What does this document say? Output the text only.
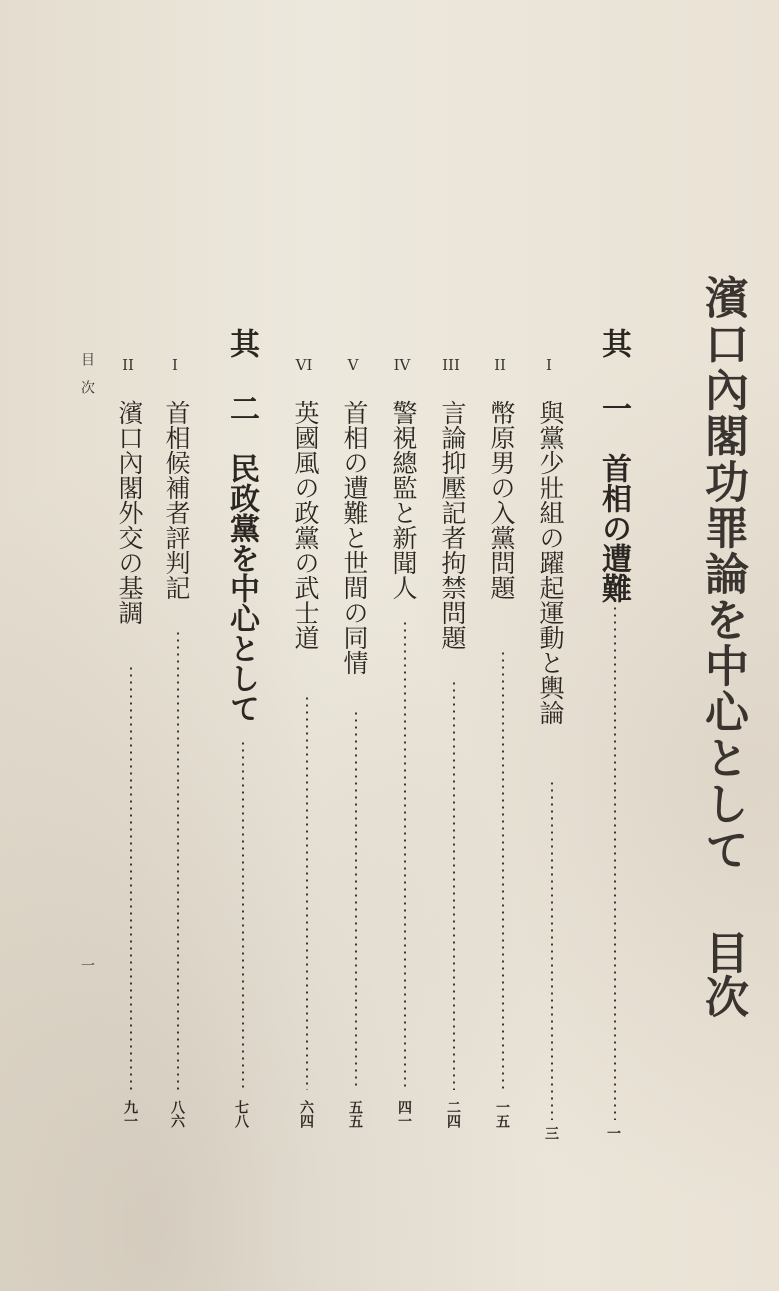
濱口內閣功罪論を中心として
目次
其 一　首相の遭難
一
I
與黨少壯組の躍起運動と輿論
三
II
幣原男の入黨問題
一五
III
言論抑壓記者拘禁問題
二四
IV
警視總監と新聞人
四一
V
首相の遭難と世間の同情
五五
VI
英國風の政黨の武士道
六四
其 二　民政黨を中心として
七八
I
首相候補者評判記
八六
II
濱口內閣外交の基調
九一
目　次
一
